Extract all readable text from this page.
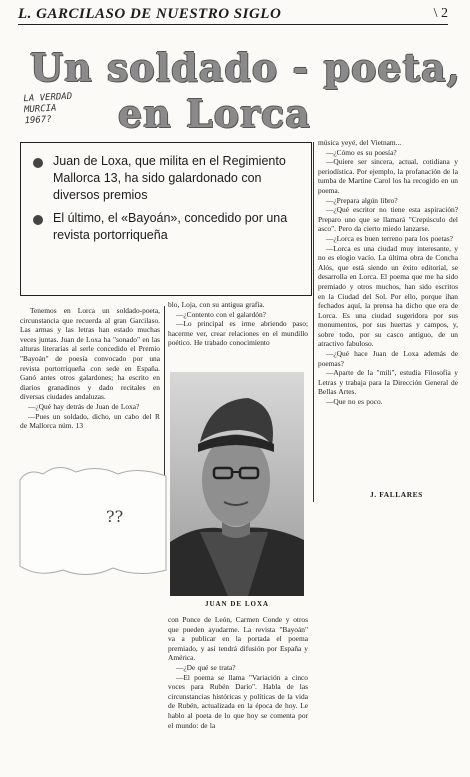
L. GARCILASO DE NUESTRO SIGLO	\ 2
Un soldado - poeta,
en Lorca
LA VERDAD
MURCIA
1967?
Juan de Loxa, que milita en el Regimiento Mallorca 13, ha sido galardonado con diversos premios
El último, el «Bayoán», concedido por una revista portorriqueña

música yeyé, del Vietnam...

—¿Cómo es su poesía?

—Quiere ser sincera, actual, cotidiana y periodística. Por ejemplo, la profanación de la tumba de Martine Carol los ha recogido en un poema.

—¿Prepara algún libro?

—¿Qué escritor no tiene esta aspiración? Preparo uno que se llamará "Crepúsculo del asco". Pero da cierto miedo lanzarse.

—¿Lorca es buen terreno para los poetas?

—Lorca es una ciudad muy interesante, y no es elogio vacío. La última obra de Concha Alós, que está siendo un éxito editorial, se desarrolla en Lorca. El poema que me ha sido premiado y otros muchos, han sido escritos en la Ciudad del Sol. Por ello, porque ihan fechados aquí, la prensa ha dicho que era de Lorca. Es una ciudad sugeridora por sus monumentos, por sus huertas y campos, y, sobre todo, por su casco antiguo, de un atractivo fabuloso.

—¿Qué hace Juan de Loxa además de poemas?

—Aparte de la "mili", estudia Filosofía y Letras y trabaja para la Dirección General de Bellas Artes.

—Que no es poco.

J. FALLARES

Tenemos en Lorca un soldado-poeta, circunstancia que recuerda al gran Garcilaso. Las armas y las letras han estado muchas veces juntas. Juan de Loxa ha "sonado" en las alturas literarias al serle concedido el Premio "Bayoán" de poesía convocado por una revista portorriqueña con sede en España. Ganó antes otros galardones; ha escrito en diarios granadinos y dado recitales en diversas ciudades andaluzas.

—¿Qué hay detrás de Juan de Loxa?

—Pues un soldado, dicho, un cabo del R de Mallorca núm. 13

??

blo, Loja, con su antigua grafía.

—¿Contento con el galardón?

—Lo principal es irme abriendo paso; hacerme ver, crear relaciones en el mundillo poético. He trabado conocimiento

JUAN DE LOXA

con Ponce de León, Carmen Conde y otros que pueden ayudarme. La revista "Bayoán" va a publicar en la portada el poema premiado, y así tendrá difusión por España y América.

—¿De qué se trata?

—El poema se llama "Variación a cinco voces para Rubén Darío". Habla de las circunstancias históricas y políticas de la vida de Rubén, actualizada en la época de hoy. Le hablo al poeta de lo que hoy se comenta por el mundo: de la
